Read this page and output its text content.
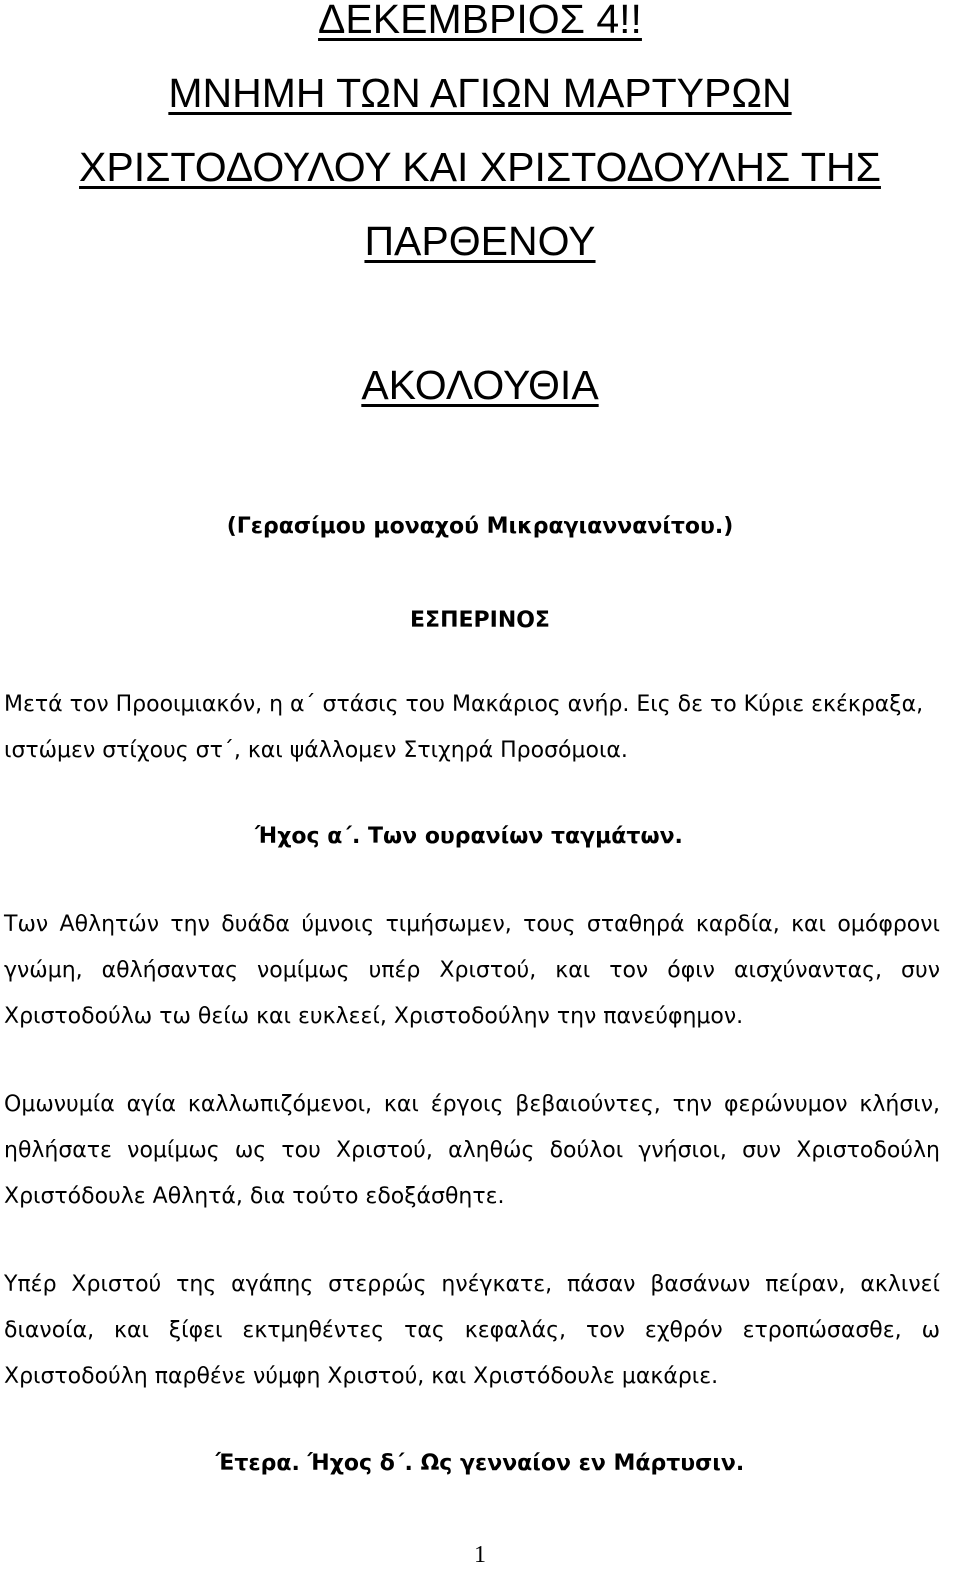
ΔΕΚΕΜΒΡΙΟΣ 4!!
ΜΝΗΜΗ ΤΩΝ ΑΓΙΩΝ ΜΑΡΤΥΡΩΝ
ΧΡΙΣΤΟΔΟΥΛΟΥ ΚΑΙ ΧΡΙΣΤΟΔΟΥΛΗΣ ΤΗΣ
ΠΑΡΘΕΝΟΥ
ΑΚΟΛΟΥΘΙΑ
(Γερασίμου μοναχού Μικραγιαννανίτου.)
ΕΣΠΕΡΙΝΟΣ
Μετά τον Προοιμιακόν, η α΄ στάσις του Μακάριος ανήρ. Εις δε το Κύριε εκέκραξα, ιστώμεν στίχους στ΄, και ψάλλομεν Στιχηρά Προσόμοια.
Ήχος α΄. Των ουρανίων ταγμάτων.
Των Αθλητών την δυάδα ύμνοις τιμήσωμεν, τους σταθηρά καρδία, και ομόφρονι γνώμη, αθλήσαντας νομίμως υπέρ Χριστού, και τον όφιν αισχύναντας, συν Χριστοδούλω τω θείω και ευκλεεί, Χριστοδούλην την πανεύφημον.
Ομωνυμία αγία καλλωπιζόμενοι, και έργοις βεβαιούντες, την φερώνυμον κλήσιν, ηθλήσατε νομίμως ως του Χριστού, αληθώς δούλοι γνήσιοι, συν Χριστοδούλη Χριστόδουλε Αθλητά, δια τούτο εδοξάσθητε.
Υπέρ Χριστού της αγάπης στερρώς ηνέγκατε, πάσαν βασάνων πείραν, ακλινεί διανοία, και ξίφει εκτμηθέντες τας κεφαλάς, τον εχθρόν ετροπώσασθε, ω Χριστοδούλη παρθένε νύμφη Χριστού, και Χριστόδουλε μακάριε.
Έτερα. Ήχος δ΄. Ως γενναίον εν Μάρτυσιν.
1
